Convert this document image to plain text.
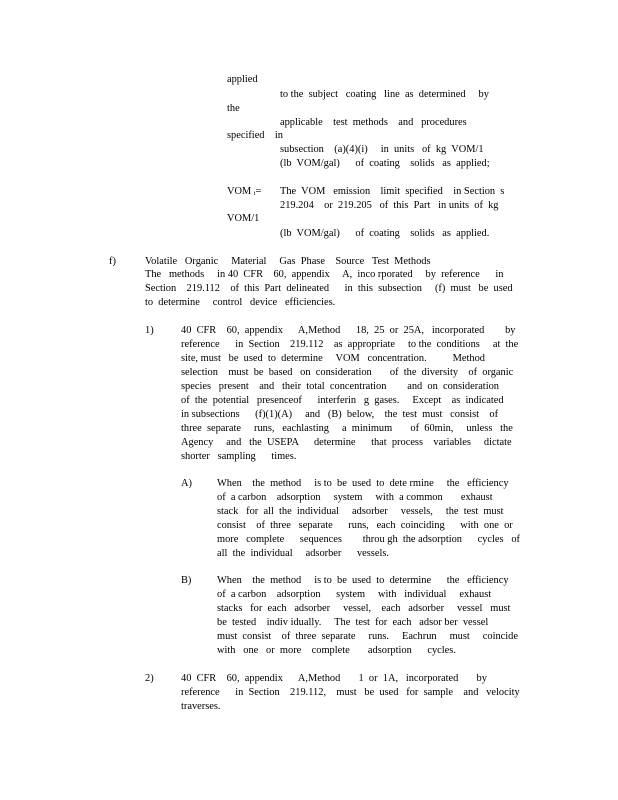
applied
to the  subject   coating   line  as  determined     by
the
applicable    test  methods    and   procedures
specified    in
subsection    (a)(4)(i)     in  units   of  kg  VOM/1
(lb  VOM/gal)      of  coating    solids   as  applied;
VOM ᵢ= The  VOM   emission    limit  specified    in Section  s
219.204    or  219.205   of  this  Part   in units  of  kg
VOM/1
(lb  VOM/gal)      of  coating    solids   as  applied.
f)	Volatile   Organic     Material     Gas  Phase    Source   Test  Methods
The   methods     in 40  CFR    60,  appendix     A,  inco rporated     by  reference      in
Section    219.112    of  this  Part  delineated      in  this  subsection     (f)  must   be  used
to  determine     control   device   efficiencies.
1)	40  CFR    60,  appendix      A,Method      18,  25  or  25A,   incorporated        by
reference      in  Section    219.112    as  appropriate     to the  conditions     at  the
site, must   be  used  to  determine     VOM   concentration.          Method
selection    must  be  based   on  consideration       of  the  diversity    of  organic
species   present    and   their  total  concentration        and  on  consideration
of  the  potential   presenceof      interferin   g  gases.     Except    as  indicated
in subsections      (f)(1)(A)     and   (B)  below,    the  test  must   consist    of
three  separate     runs,   eachlasting     a  minimum       of  60min,     unless   the
Agency     and   the  USEPA      determine      that  process    variables     dictate
shorter   sampling      times.
A) When    the  method     is to  be  used  to  dete rmine     the   efficiency
of  a carbon    adsorption     system     with  a common       exhaust
stack   for  all  the  individual     adsorber     vessels,     the  test  must
consist    of  three   separate      runs,   each  coinciding      with  one  or
more   complete      sequences        throu gh  the adsorption      cycles   of
all  the  individual     adsorber      vessels.
B) When    the  method     is to  be  used  to  determine      the   efficiency
of  a carbon    adsorption      system     with   individual     exhaust
stacks   for  each   adsorber     vessel,    each   adsorber     vessel   must
be  tested    indiv idually.     The  test  for  each   adsor ber  vessel
must  consist    of  three  separate     runs.     Eachrun     must     coincide
with   one   or  more    complete       adsorption      cycles.
2)	40  CFR    60,  appendix      A,Method       1  or  1A,   incorporated       by
reference      in  Section    219.112,    must   be  used   for  sample    and   velocity
traverses.
